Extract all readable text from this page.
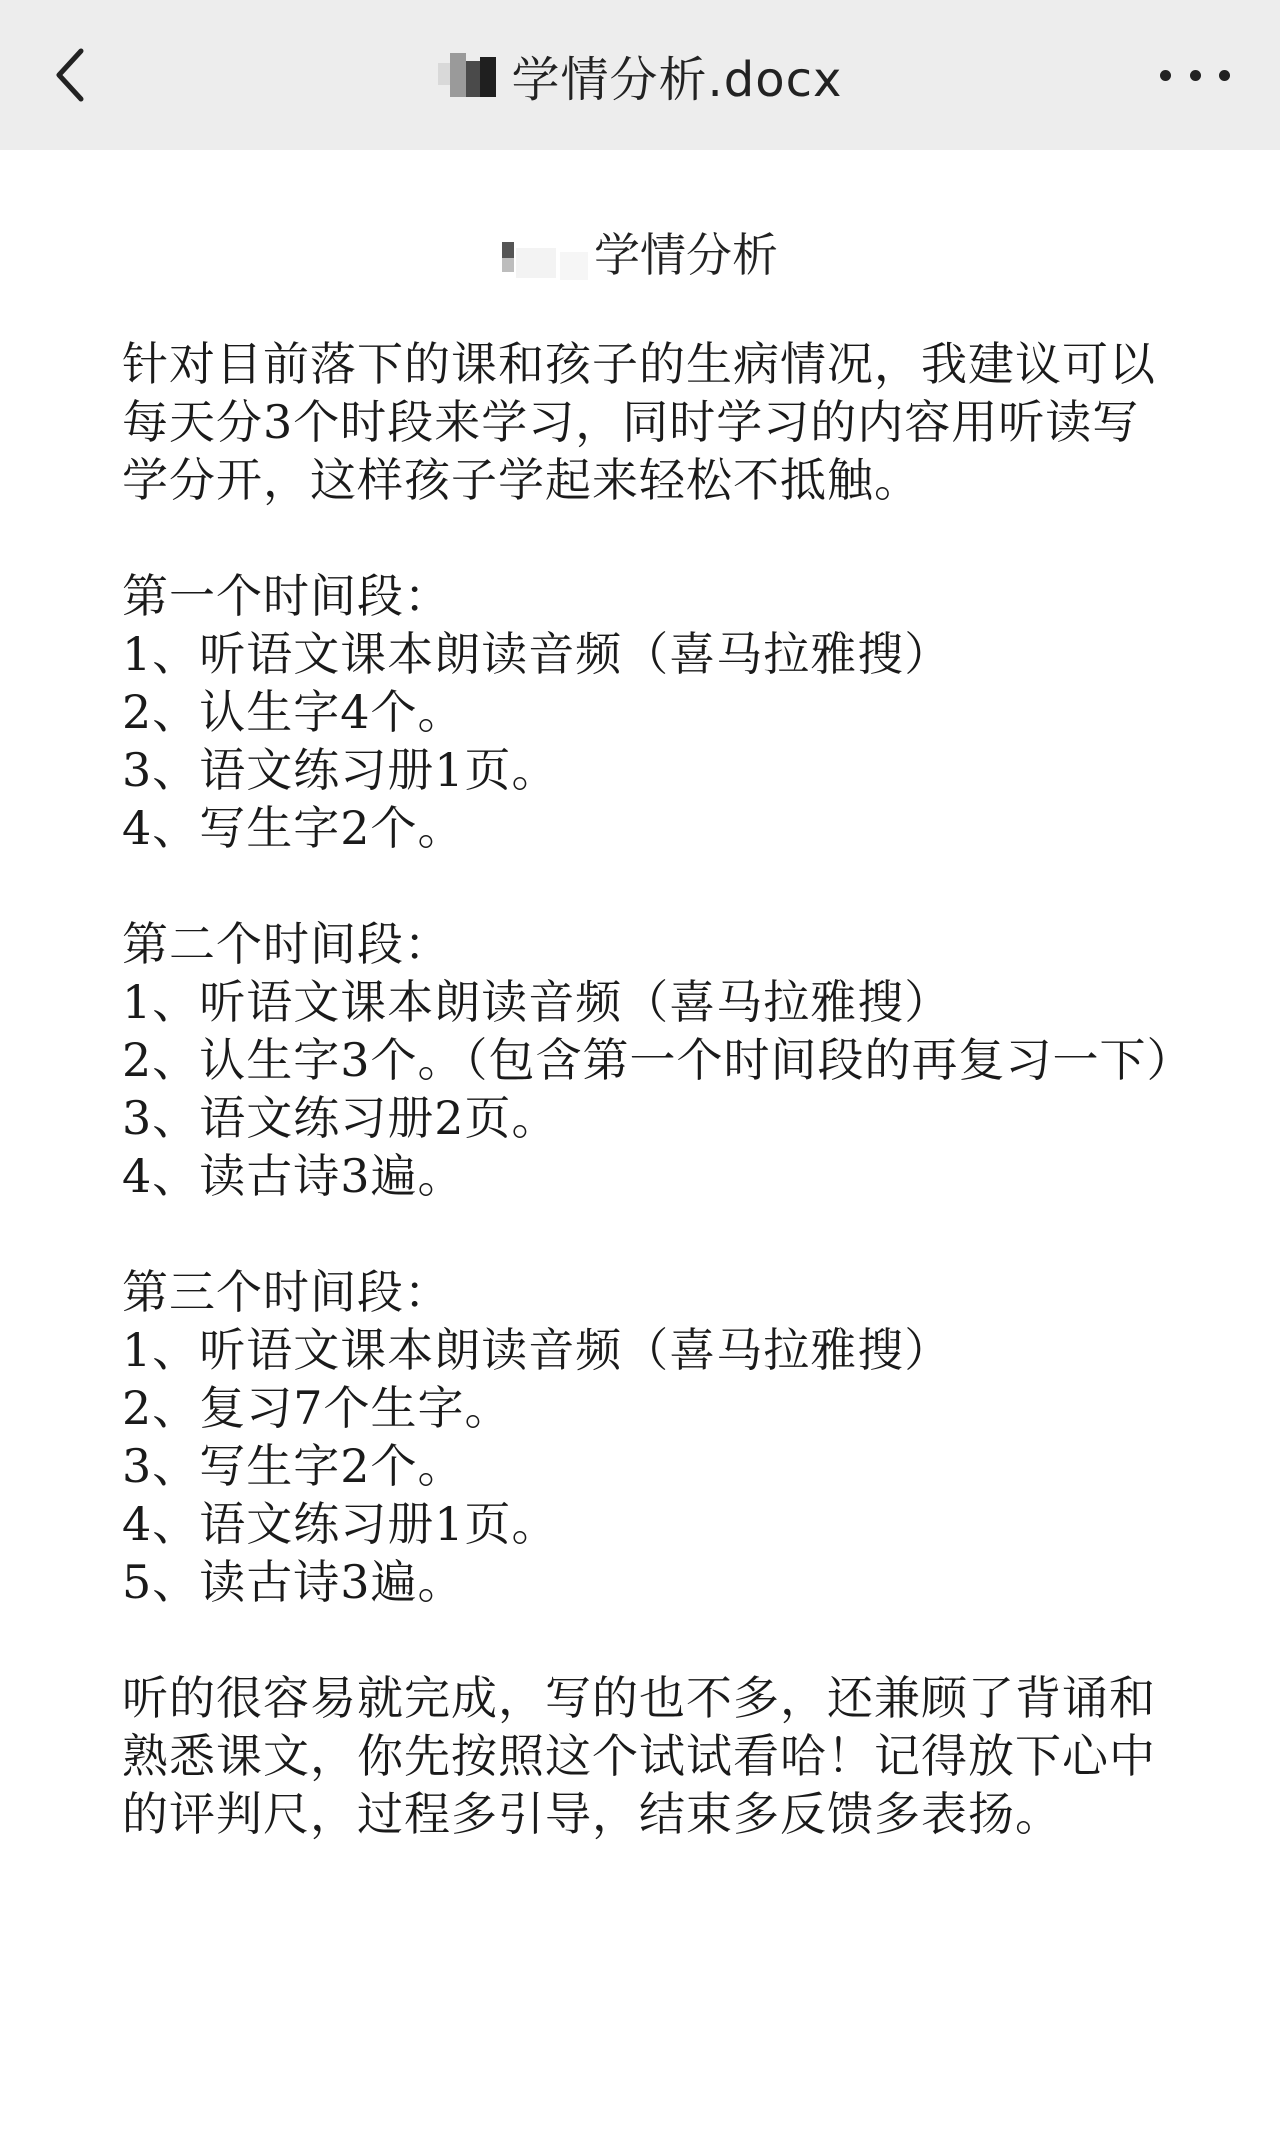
学情分析.docx
学情分析

针对目前落下的课和孩子的生病情况，我建议可以每天分3个时段来学习，同时学习的内容用听读写学分开，这样孩子学起来轻松不抵触。

第一个时间段：
1、听语文课本朗读音频（喜马拉雅搜）
2、认生字4个。
3、语文练习册1页。
4、写生字2个。
第二个时间段：
1、听语文课本朗读音频（喜马拉雅搜）
2、认生字3个。（包含第一个时间段的再复习一下）
3、语文练习册2页。
4、读古诗3遍。
第三个时间段：
1、听语文课本朗读音频（喜马拉雅搜）
2、复习7个生字。
3、写生字2个。
4、语文练习册1页。
5、读古诗3遍。

听的很容易就完成，写的也不多，还兼顾了背诵和熟悉课文，你先按照这个试试看哈！记得放下心中的评判尺，过程多引导，结束多反馈多表扬。
